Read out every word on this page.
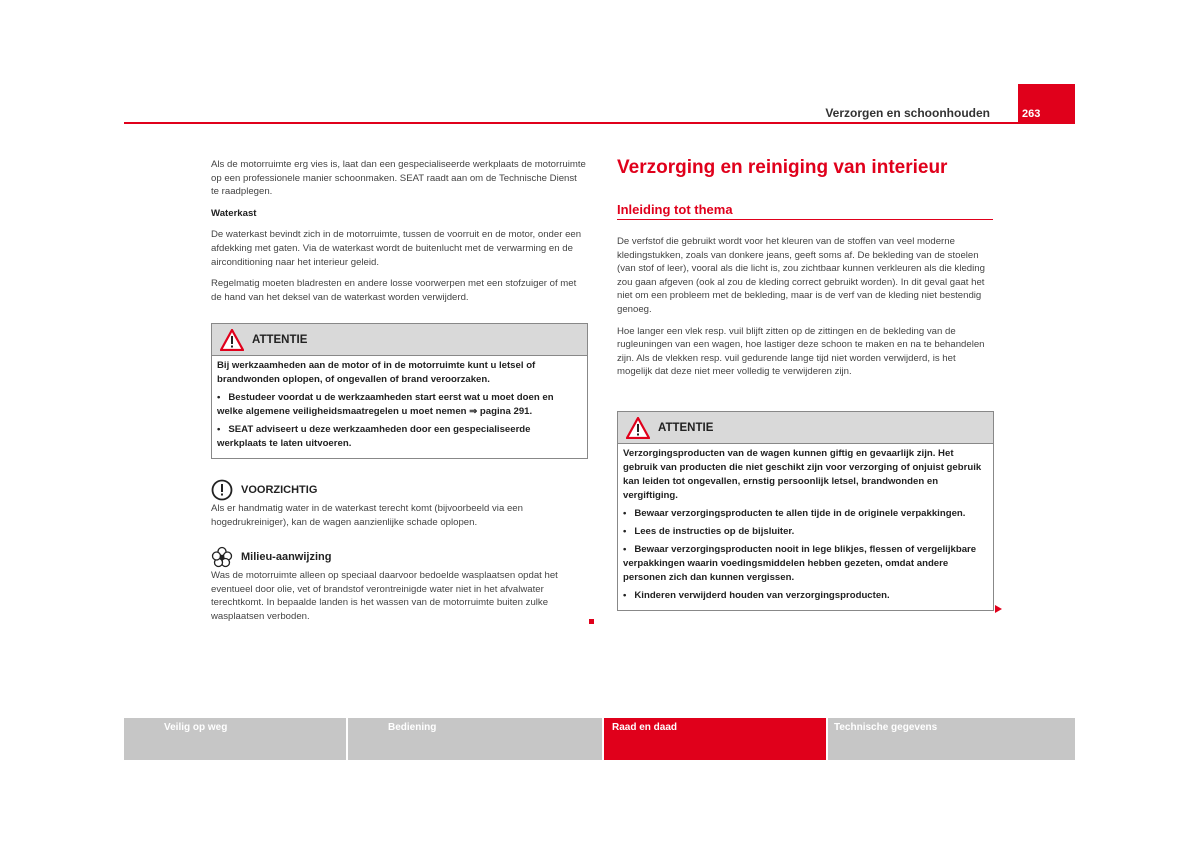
Verzorgen en schoonhouden	263

Als de motorruimte erg vies is, laat dan een gespecialiseerde werkplaats de motorruimte op een professionele manier schoonmaken. SEAT raadt aan om de Technische Dienst te raadplegen.

Waterkast

De waterkast bevindt zich in de motorruimte, tussen de voorruit en de motor, onder een afdekking met gaten. Via de waterkast wordt de buitenlucht met de verwarming en de airconditioning naar het interieur geleid.

Regelmatig moeten bladresten en andere losse voorwerpen met een stofzuiger of met de hand van het deksel van de waterkast worden verwijderd.

ATTENTIE
Bij werkzaamheden aan de motor of in de motorruimte kunt u letsel of brandwonden oplopen, of ongevallen of brand veroorzaken.
• Bestudeer voordat u de werkzaamheden start eerst wat u moet doen en welke algemene veiligheidsmaatregelen u moet nemen ⇒ pagina 291.
• SEAT adviseert u deze werkzaamheden door een gespecialiseerde werkplaats te laten uitvoeren.
VOORZICHTIG
Als er handmatig water in de waterkast terecht komt (bijvoorbeeld via een hogedrukreiniger), kan de wagen aanzienlijke schade oplopen.
Milieu-aanwijzing
Was de motorruimte alleen op speciaal daarvoor bedoelde wasplaatsen opdat het eventueel door olie, vet of brandstof verontreinigde water niet in het afvalwater terechtkomt. In bepaalde landen is het wassen van de motorruimte buiten zulke wasplaatsen verboden.
Verzorging en reiniging van interieur
Inleiding tot thema

De verfstof die gebruikt wordt voor het kleuren van de stoffen van veel moderne kledingstukken, zoals van donkere jeans, geeft soms af. De bekleding van de stoelen (van stof of leer), vooral als die licht is, zou zichtbaar kunnen verkleuren als die kleding zou gaan afgeven (ook al zou de kleding correct gebruikt worden). In dit geval gaat het niet om een probleem met de bekleding, maar is de verf van de kleding niet bestendig genoeg.

Hoe langer een vlek resp. vuil blijft zitten op de zittingen en de bekleding van de rugleuningen van een wagen, hoe lastiger deze schoon te maken en na te behandelen zijn. Als de vlekken resp. vuil gedurende lange tijd niet worden verwijderd, is het mogelijk dat deze niet meer volledig te verwijderen zijn.

ATTENTIE
Verzorgingsproducten van de wagen kunnen giftig en gevaarlijk zijn. Het gebruik van producten die niet geschikt zijn voor verzorging of onjuist gebruik kan leiden tot ongevallen, ernstig persoonlijk letsel, brandwonden en vergiftiging.
• Bewaar verzorgingsproducten te allen tijde in de originele verpakkingen.
• Lees de instructies op de bijsluiter.
• Bewaar verzorgingsproducten nooit in lege blikjes, flessen of vergelijkbare verpakkingen waarin voedingsmiddelen hebben gezeten, omdat andere personen zich dan kunnen vergissen.
• Kinderen verwijderd houden van verzorgingsproducten.
Veilig op weg	Bediening	Raad en daad	Technische gegevens
